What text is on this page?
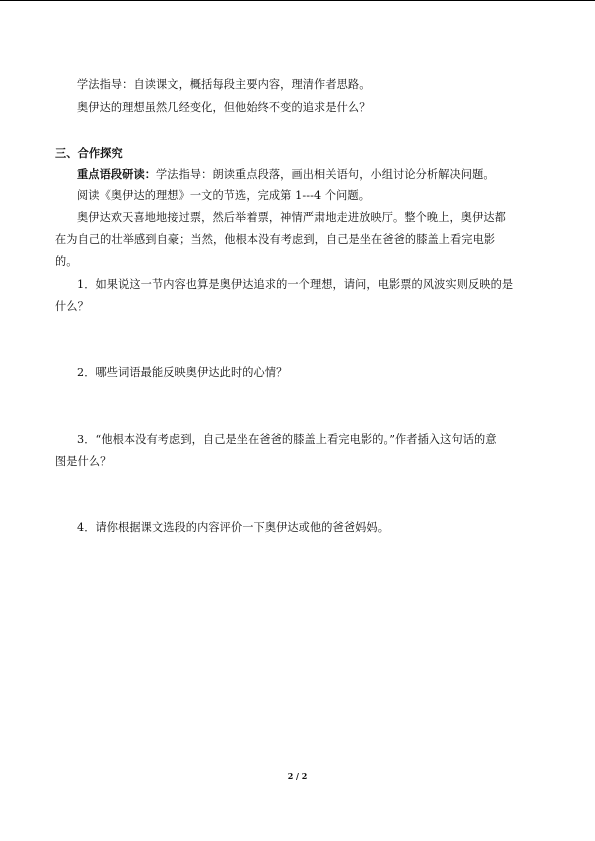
学法指导：自读课文，概括每段主要内容，理清作者思路。
奥伊达的理想虽然几经变化，但他始终不变的追求是什么？
三、合作探究
重点语段研读：学法指导：朗读重点段落，画出相关语句，小组讨论分析解决问题。
阅读《奥伊达的理想》一文的节选，完成第 1---4 个问题。
奥伊达欢天喜地地接过票，然后举着票，神情严肃地走进放映厅。整个晚上，奥伊达都
在为自己的壮举感到自豪；当然，他根本没有考虑到，自己是坐在爸爸的膝盖上看完电影
的。
1．如果说这一节内容也算是奥伊达追求的一个理想，请问，电影票的风波实则反映的是
什么？
2．哪些词语最能反映奥伊达此时的心情？
3．“他根本没有考虑到，自己是坐在爸爸的膝盖上看完电影的。”作者插入这句话的意
图是什么？
4．请你根据课文选段的内容评价一下奥伊达或他的爸爸妈妈。
2 / 2
